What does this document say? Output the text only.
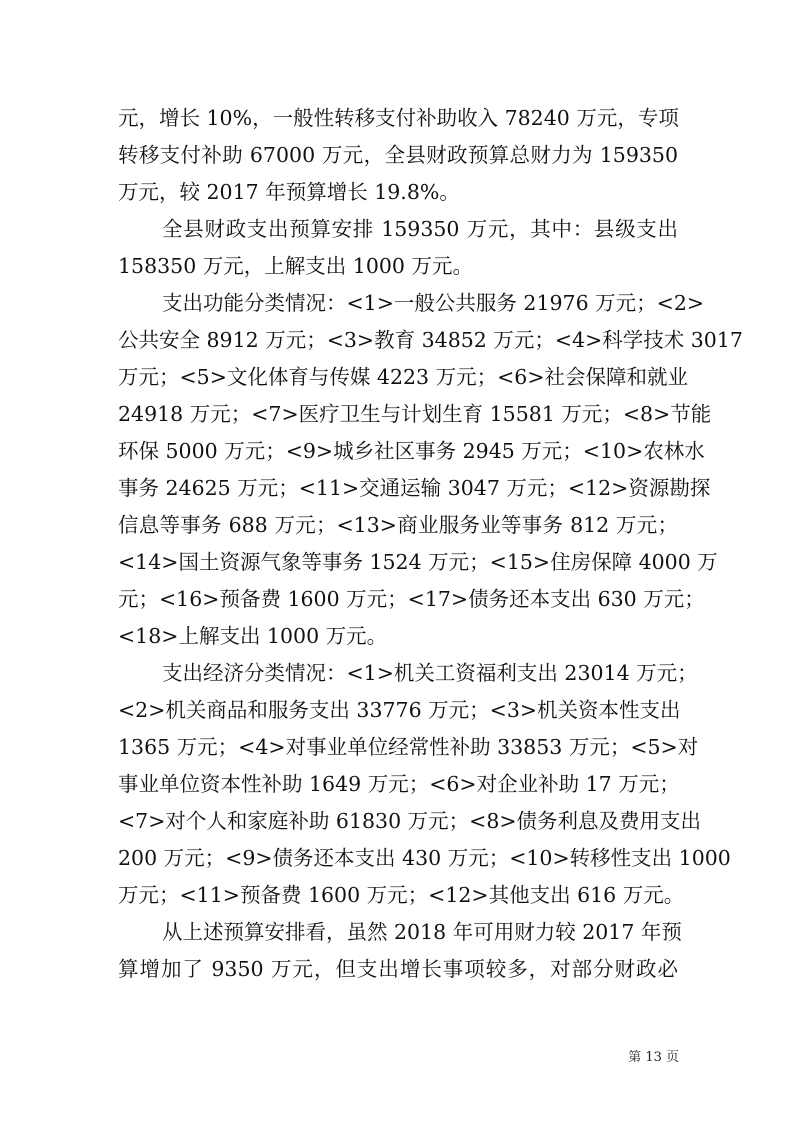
元，增长 10%，一般性转移支付补助收入 78240 万元，专项
转移支付补助 67000 万元，全县财政预算总财力为 159350
万元，较 2017 年预算增长 19.8%。
全县财政支出预算安排 159350 万元，其中：县级支出
158350 万元，上解支出 1000 万元。
支出功能分类情况：<1>一般公共服务 21976 万元；<2>
公共安全 8912 万元；<3>教育 34852 万元；<4>科学技术 3017
万元；<5>文化体育与传媒 4223 万元；<6>社会保障和就业
24918 万元；<7>医疗卫生与计划生育 15581 万元；<8>节能
环保 5000 万元；<9>城乡社区事务 2945 万元；<10>农林水
事务 24625 万元；<11>交通运输 3047 万元；<12>资源勘探
信息等事务 688 万元；<13>商业服务业等事务 812 万元；
<14>国土资源气象等事务 1524 万元；<15>住房保障 4000 万
元；<16>预备费 1600 万元；<17>债务还本支出 630 万元；
<18>上解支出 1000 万元。
支出经济分类情况：<1>机关工资福利支出 23014 万元；
<2>机关商品和服务支出 33776 万元；<3>机关资本性支出
1365 万元；<4>对事业单位经常性补助 33853 万元；<5>对
事业单位资本性补助 1649 万元；<6>对企业补助 17 万元；
<7>对个人和家庭补助 61830 万元；<8>债务利息及费用支出
200 万元；<9>债务还本支出 430 万元；<10>转移性支出 1000
万元；<11>预备费 1600 万元；<12>其他支出 616 万元。
从上述预算安排看，虽然 2018 年可用财力较 2017 年预
算增加了 9350 万元，但支出增长事项较多，对部分财政必
第 13 页
